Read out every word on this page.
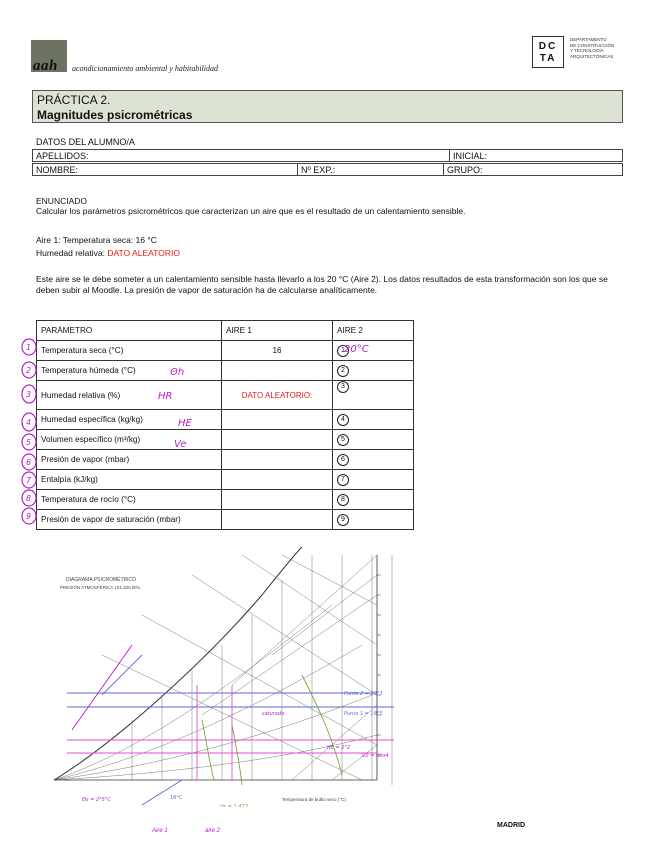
aah acondicionamiento ambiental y habitabilidad
DC
TA
DEPARTAMENTO
DE CONSTRUCCIÓN
Y TECNOLOGÍA
ARQUITECTÓNICAS
PRÁCTICA 2.
Magnitudes psicrométricas
DATOS DEL ALUMNO/A
APELLIDOS:	INICIAL:
NOMBRE:	Nº EXP.:	GRUPO:
ENUNCIADO
Calcular los parámetros psicrométricos que caracterizan un aire que es el resultado de un calentamiento sensible.
Aire 1: Temperatura seca: 16 °C
Humedad relativa: DATO ALEATORIO
Este aire se le debe someter a un calentamiento sensible hasta llevarlo a los 20 °C (Aire 2). Los datos resultados de esta transformación son los que se deben subir al Moodle. La presión de vapor de saturación ha de calcularse analíticamente.
PARÁMETRO	AIRE 1	AIRE 2
Temperatura seca (°C)	16	1
Temperatura húmeda (°C)		2
Humedad relativa (%)	DATO ALEATORIO:	3
Humedad específica (kg/kg)		4
Volumen específico (m³/kg)		5
Presión de vapor (mbar)		6
Entalpía (kJ/kg)		7
Temperatura de rocío (°C)		8
Presión de vapor de saturación (mbar)		9
1
2
3
4
5
6
7
8
9
20°C
Θh
HR
HE
Ve
DIAGRAMA PSICROMÉTRICO
PRESIÓN ATMOSFÉRICA 101.325 kPa
Temperatura de bulbo seco (°C)
Punto 2 = 23°3
Punto 1 = 18°5
HE = 2°2
V2 = 0bo4
Θs = 2°5°C	16°C
Ve = 1.473
saturado
MADRID
Aire 1	aire 2
